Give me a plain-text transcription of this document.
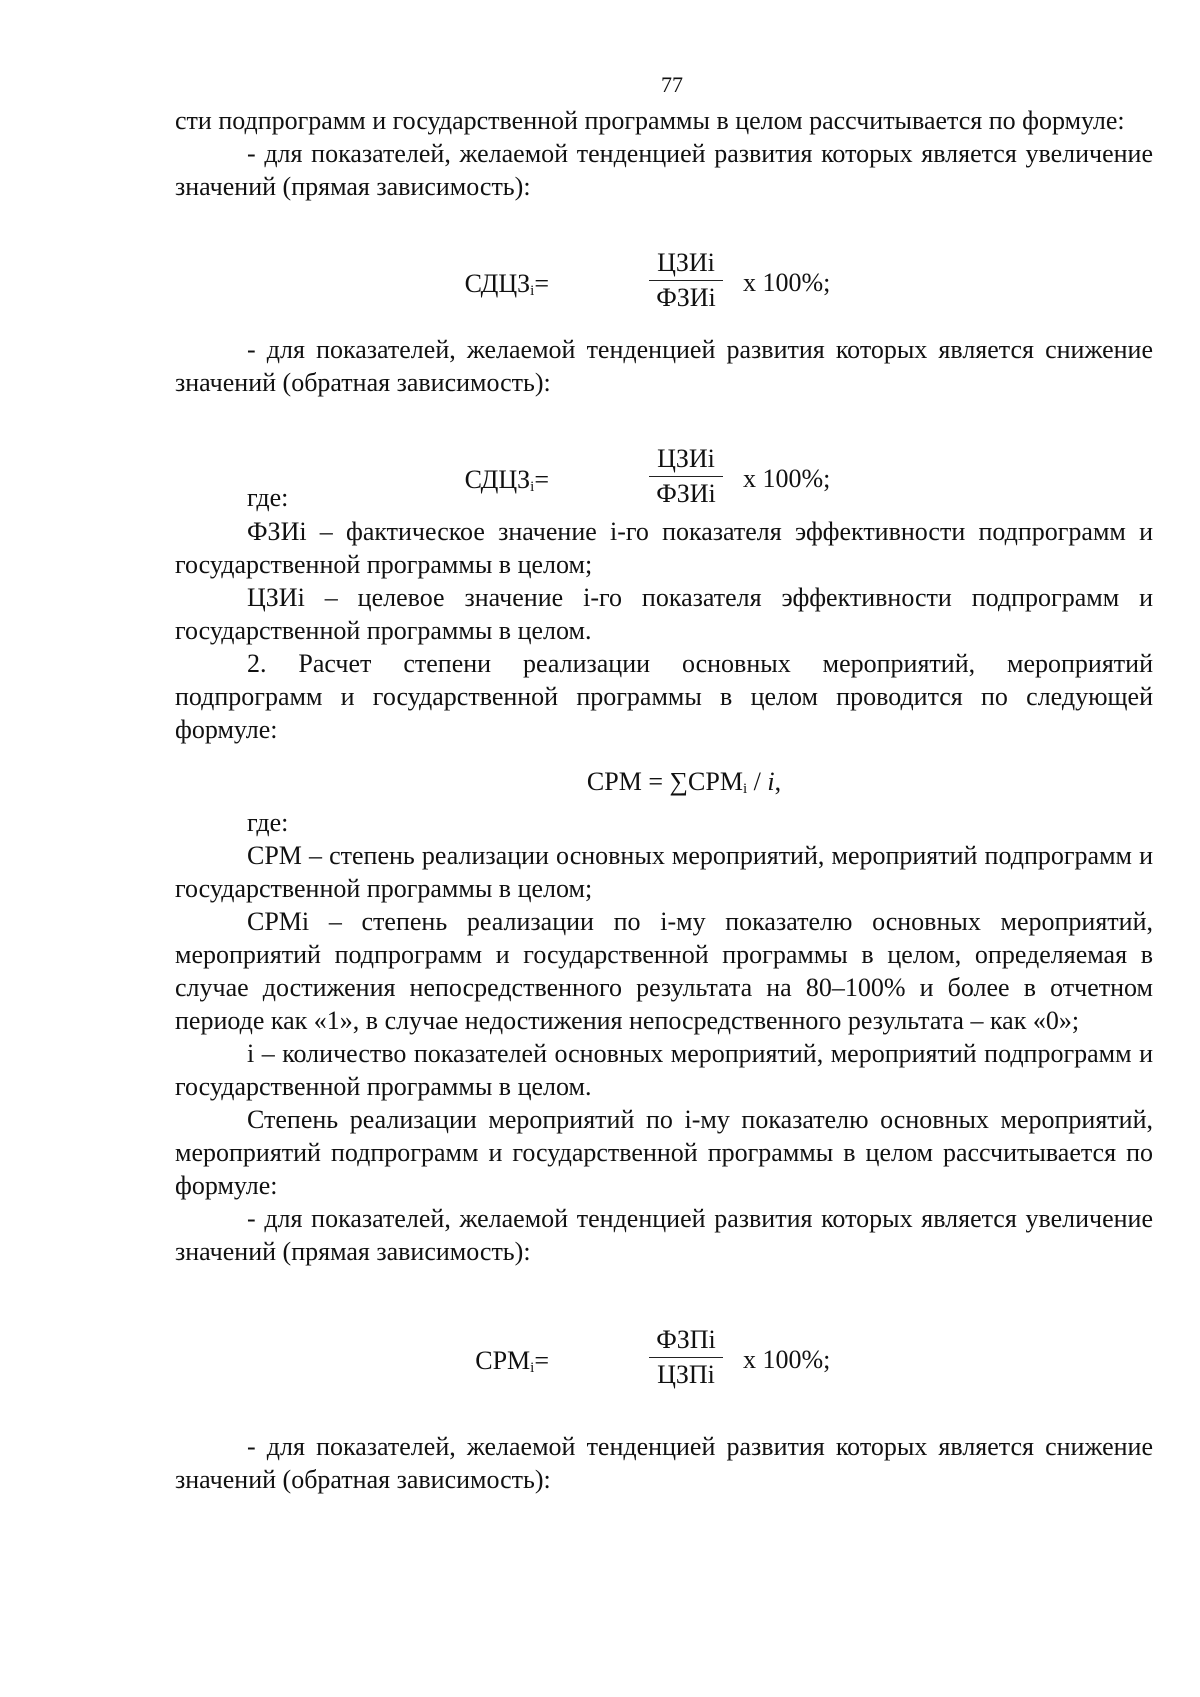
77

сти подпрограмм и государственной программы в целом рассчитывается по формуле:

- для показателей, желаемой тенденцией развития которых является увеличение значений (прямая зависимость):

$СДЦЗ_i=$
ЦЗИi
ФЗИi
х 100%;

- для показателей, желаемой тенденцией развития которых является снижение значений (обратная зависимость):

$СДЦЗ_i=$
ЦЗИi
ФЗИi
х 100%;
где:

ФЗИi – фактическое значение i-го показателя эффективности подпрограмм и государственной программы в целом;

ЦЗИi – целевое значение i-го показателя эффективности подпрограмм и государственной программы в целом.

2. Расчет степени реализации основных мероприятий, мероприятий подпрограмм и государственной программы в целом проводится по следующей формуле:

СРМ = $\sum СРМ_i$ / i,

где:

СРМ – степень реализации основных мероприятий, мероприятий подпрограмм и государственной программы в целом;

СРМi – степень реализации по i-му показателю основных мероприятий, мероприятий подпрограмм и государственной программы в целом, определяемая в случае достижения непосредственного результата на 80–100% и более в отчетном периоде как «1», в случае недостижения непосредственного результата – как «0»;

i – количество показателей основных мероприятий, мероприятий подпрограмм и государственной программы в целом.

Степень реализации мероприятий по i-му показателю основных мероприятий, мероприятий подпрограмм и государственной программы в целом рассчитывается по формуле:

- для показателей, желаемой тенденцией развития которых является увеличение значений (прямая зависимость):

$СРМ_i=$
ФЗПi
ЦЗПi
х 100%;

- для показателей, желаемой тенденцией развития которых является снижение значений (обратная зависимость):
